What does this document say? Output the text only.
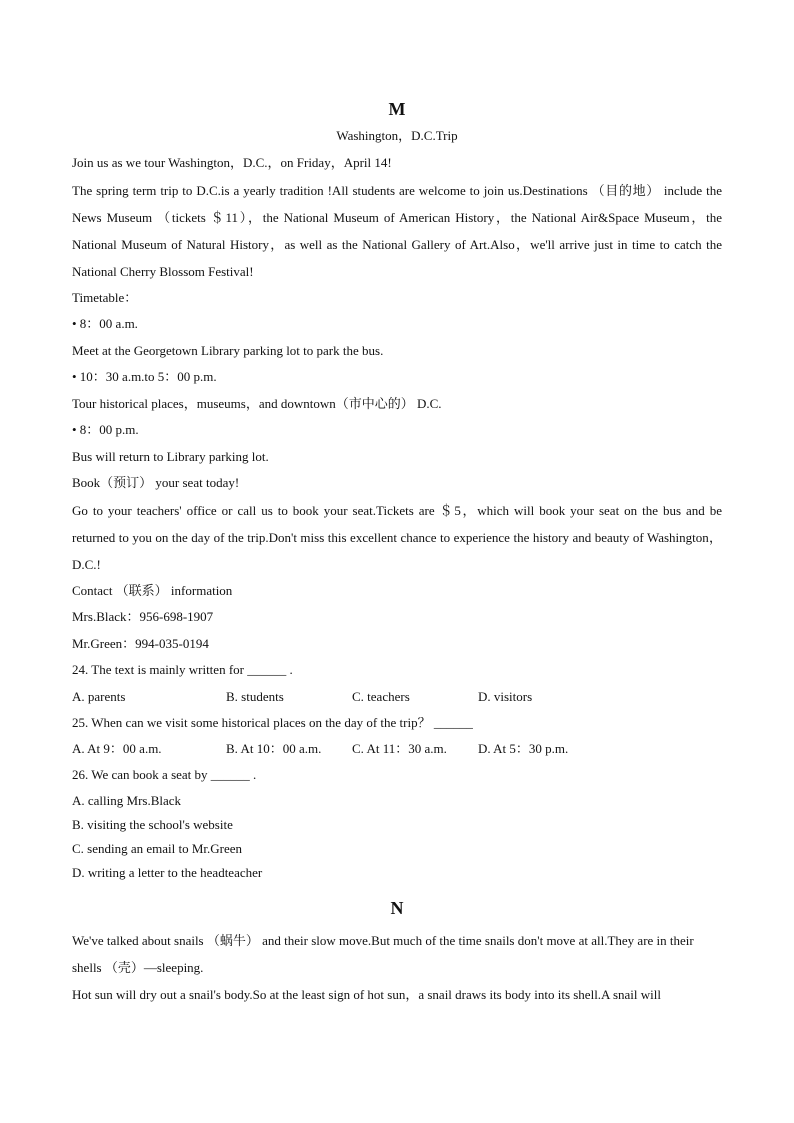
M
Washington，D.C.Trip
Join us as we tour Washington，D.C.，on Friday，April 14!
The spring term trip to D.C.is a yearly tradition !All students are welcome to join us.Destinations （目的地） include the News Museum （tickets ＄11），the National Museum of American History，the National Air&Space Museum，the National Museum of Natural History，as well as the National Gallery of Art.Also，we'll arrive just in time to catch the National Cherry Blossom Festival!
Timetable：
• 8：00 a.m.
Meet at the Georgetown Library parking lot to park the bus.
• 10：30 a.m.to 5：00 p.m.
Tour historical places，museums，and downtown（市中心的） D.C.
• 8：00 p.m.
Bus will return to Library parking lot.
Book（预订） your seat today!
Go to your teachers' office or call us to book your seat.Tickets are ＄5，which will book your seat on the bus and be returned to you on the day of the trip.Don't miss this excellent chance to experience the history and beauty of Washington，D.C.!
Contact （联系） information
Mrs.Black：956-698-1907
Mr.Green：994-035-0194
24. The text is mainly written for ______ .
A. parents	B. students	C. teachers	D. visitors
25. When can we visit some historical places on the day of the trip？ ______
A. At 9：00 a.m.	B. At 10：00 a.m.	C. At 11：30 a.m.	D. At 5：30 p.m.
26. We can book a seat by ______ .
A. calling Mrs.Black
B. visiting the school's website
C. sending an email to Mr.Green
D. writing a letter to the headteacher
N
We've talked about snails （蜗牛） and their slow move.But much of the time snails don't move at all.They are in their shells （壳）—sleeping.
Hot sun will dry out a snail's body.So at the least sign of hot sun，a snail draws its body into its shell.A snail will
